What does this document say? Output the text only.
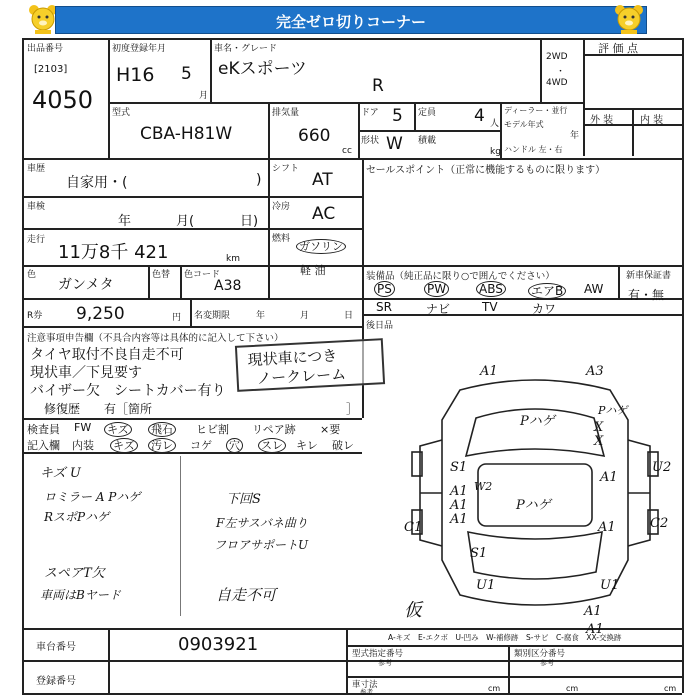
完全ゼロ切りコーナー
出品番号
[2103]
4050
初度登録年月
H16 5
月
車名・グレード
eKスポーツ
R
2WD
・
4WD
評 価 点
型式
CBA-H81W
排気量
660
cc
ドア 5 定員 4 人
形状 W 積載
kg
ディーラー・並行
モデル年式
年
ハンドル 左・右
外 装	内 装
車歴
自家用・(	)
シフト
AT	セールスポイント（正常に機能するものに限ります）
車検
年	月(	日)
冷房 AC
走行
11万8千 421	km
燃料
ガソリン
軽 油
色
ガンメタ
色替 色コード
A38
装備品（純正品に限り○で囲んでください）	新車保証書
有・無
PS	PW	ABS エアB AW
SR	ナビ	TV	カワ
R券 9,250	円 名変期限	年	月	日
後日品
注意事項申告欄（不具合内容等は具体的に記入して下さい）
タイヤ取付不良自走不可
現状車／下見要す
バイザー欠　シートカバー有り
修復歴　　有［箇所	］
現状車につき
ノークレーム
検査員 FW キズ 飛石 ヒビ割 リペア跡 ×要
記入欄 内装 キズ 汚レ コゲ 穴 スレ キレ 破レ
キズ U
ロミラー A Pハゲ
RスポPハゲ
スペアT欠
車両はBヤード
下回S
F左サスバネ曲り
フロアサポートU
自走不可
A1	A3
Pハゲ
Pハゲ
X
X
S1
A1
A1 W2
A1
A1
Pハゲ
U2
C1	C2
A1
S1
U1	U1
A1
A1
仮
車台番号	0903921
登録番号
A-キズ　E-エクボ　U-凹み　W-補修跡　S-サビ　C-腐食　XX-交換跡
型式指定番号
参考
類別区分番号
参考
車寸法
参考	cm	cm	cm
